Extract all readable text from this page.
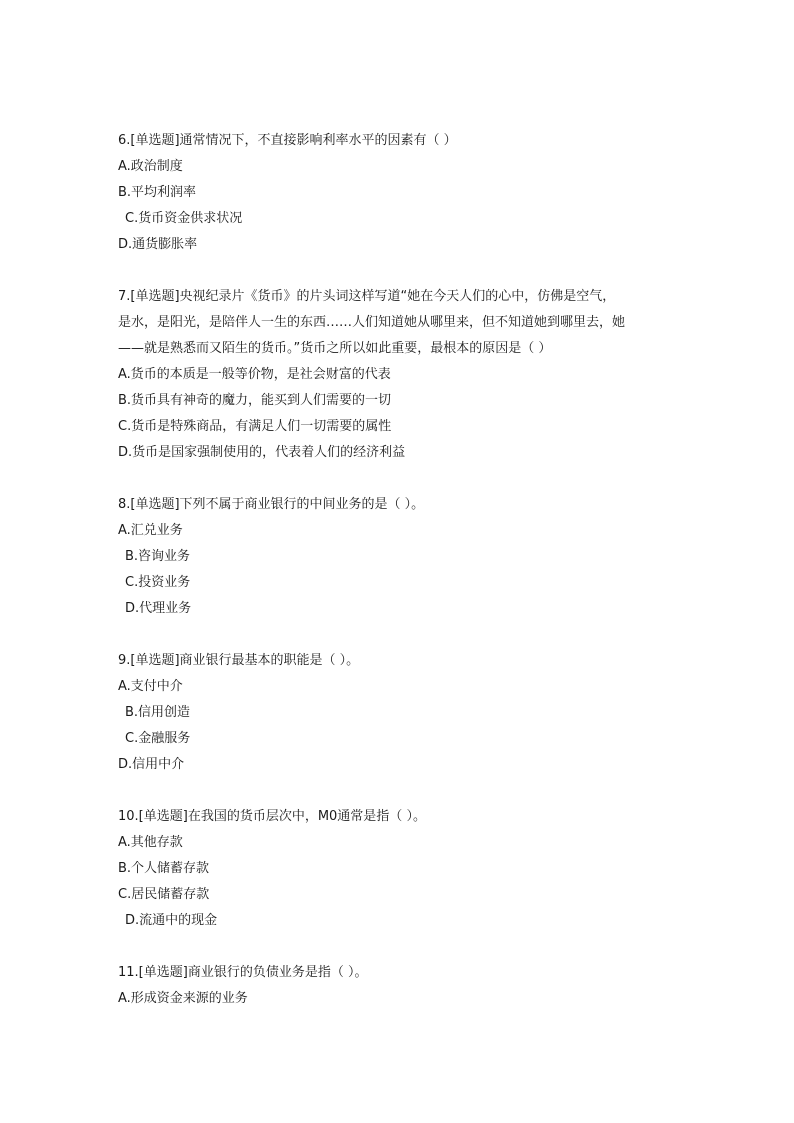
6.[单选题]通常情况下，不直接影响利率水平的因素有（ ）
A.政治制度
B.平均利润率
C.货币资金供求状况
D.通货膨胀率
7.[单选题]央视纪录片《货币》的片头词这样写道“她在今天人们的心中，仿佛是空气，
是水，是阳光，是陪伴人一生的东西……人们知道她从哪里来，但不知道她到哪里去，她
——就是熟悉而又陌生的货币。”货币之所以如此重要，最根本的原因是（ ）
A.货币的本质是一般等价物，是社会财富的代表
B.货币具有神奇的魔力，能买到人们需要的一切
C.货币是特殊商品，有满足人们一切需要的属性
D.货币是国家强制使用的，代表着人们的经济利益
8.[单选题]下列不属于商业银行的中间业务的是（ ）。
A.汇兑业务
B.咨询业务
C.投资业务
D.代理业务
9.[单选题]商业银行最基本的职能是（ ）。
A.支付中介
B.信用创造
C.金融服务
D.信用中介
10.[单选题]在我国的货币层次中，M0通常是指（ ）。
A.其他存款
B.个人储蓄存款
C.居民储蓄存款
D.流通中的现金
11.[单选题]商业银行的负债业务是指（ ）。
A.形成资金来源的业务
